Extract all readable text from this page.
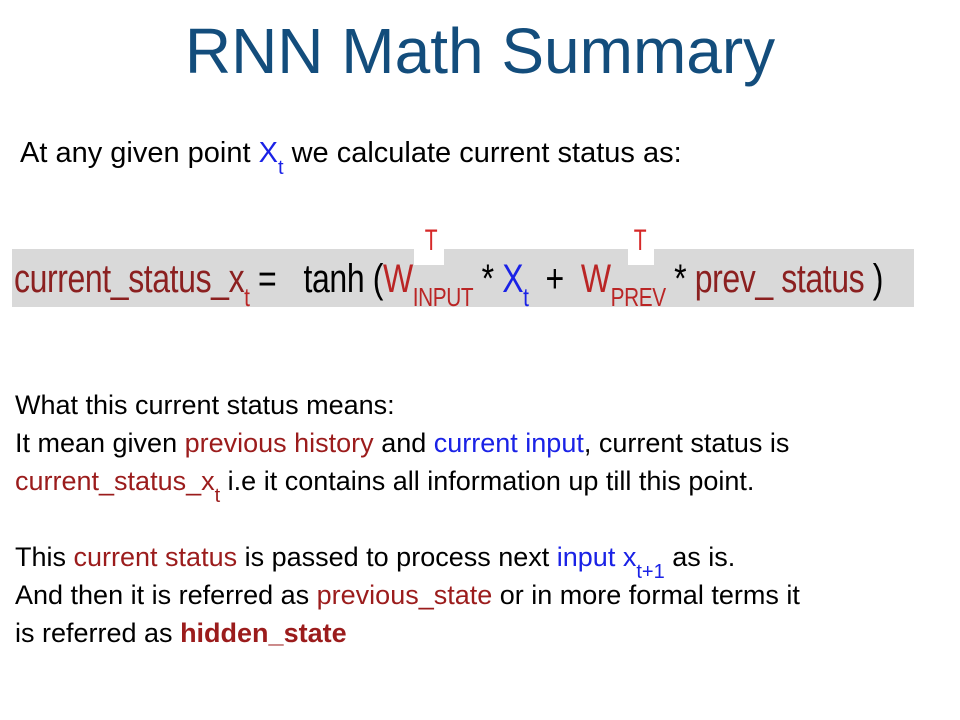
RNN Math Summary
At any given point $X_t$ we calculate current status as:
T	T
$current\_status\_x_t = \tanh (W_{INPUT} * X_t + W_{PREV}$ * prev_ status )
What this current status means:
It mean given previous history and current input, current status is
$current\_status\_x_t$ i.e it contains all information up till this point.
This current status is passed to process next input $x_{t+1}$ as is.
And then it is referred as previous_state or in more formal terms it
is referred as hidden_state
